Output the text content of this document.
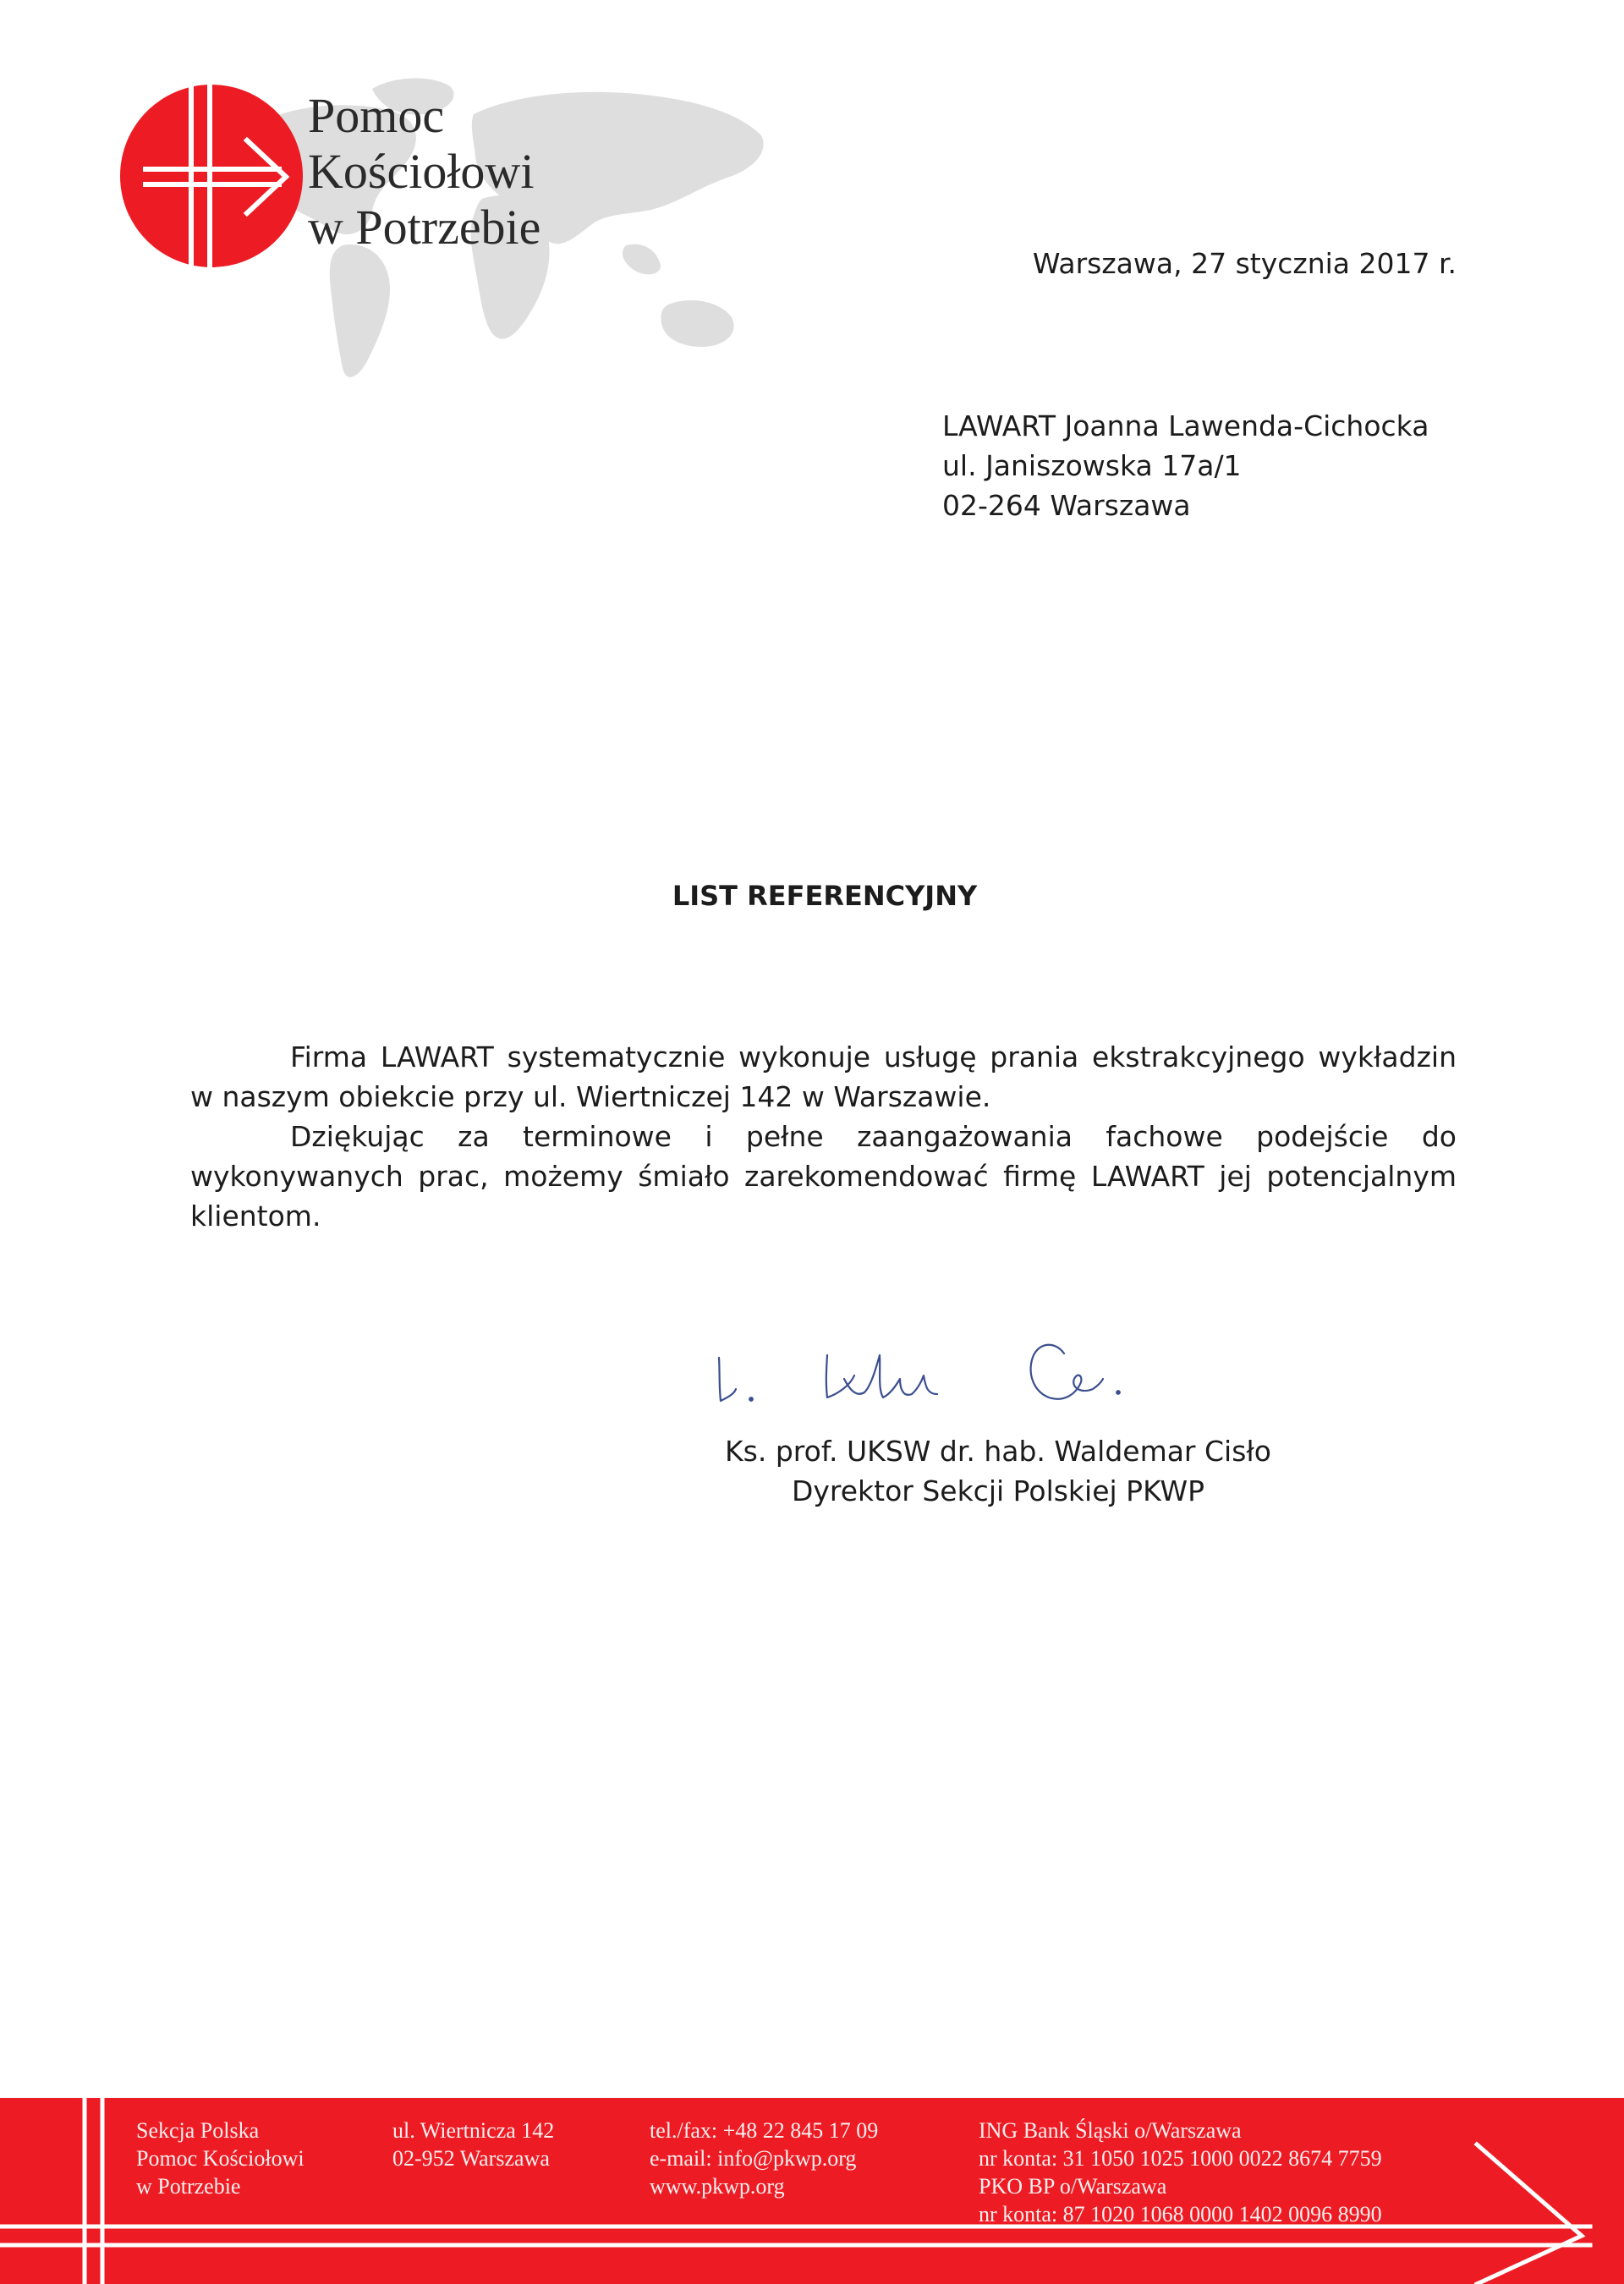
Pomoc
Kościołowi
w Potrzebie
Warszawa, 27 stycznia 2017 r.
LAWART Joanna Lawenda-Cichocka
ul. Janiszowska 17a/1
02-264 Warszawa
LIST REFERENCYJNY

Firma LAWART systematycznie wykonuje usługę prania ekstrakcyjnego wykładzin w naszym obiekcie przy ul. Wiertniczej 142 w Warszawie.

Dziękując za terminowe i pełne zaangażowania fachowe podejście do wykonywanych prac, możemy śmiało zarekomendować firmę LAWART jej potencjalnym klientom.

Ks. prof. UKSW dr. hab. Waldemar Cisło
Dyrektor Sekcji Polskiej PKWP
Sekcja Polska
Pomoc Kościołowi
w Potrzebie
ul. Wiertnicza 142
02-952 Warszawa
tel./fax: +48 22 845 17 09
e-mail: info@pkwp.org
www.pkwp.org
ING Bank Śląski o/Warszawa
nr konta: 31 1050 1025 1000 0022 8674 7759
PKO BP o/Warszawa
nr konta: 87 1020 1068 0000 1402 0096 8990
